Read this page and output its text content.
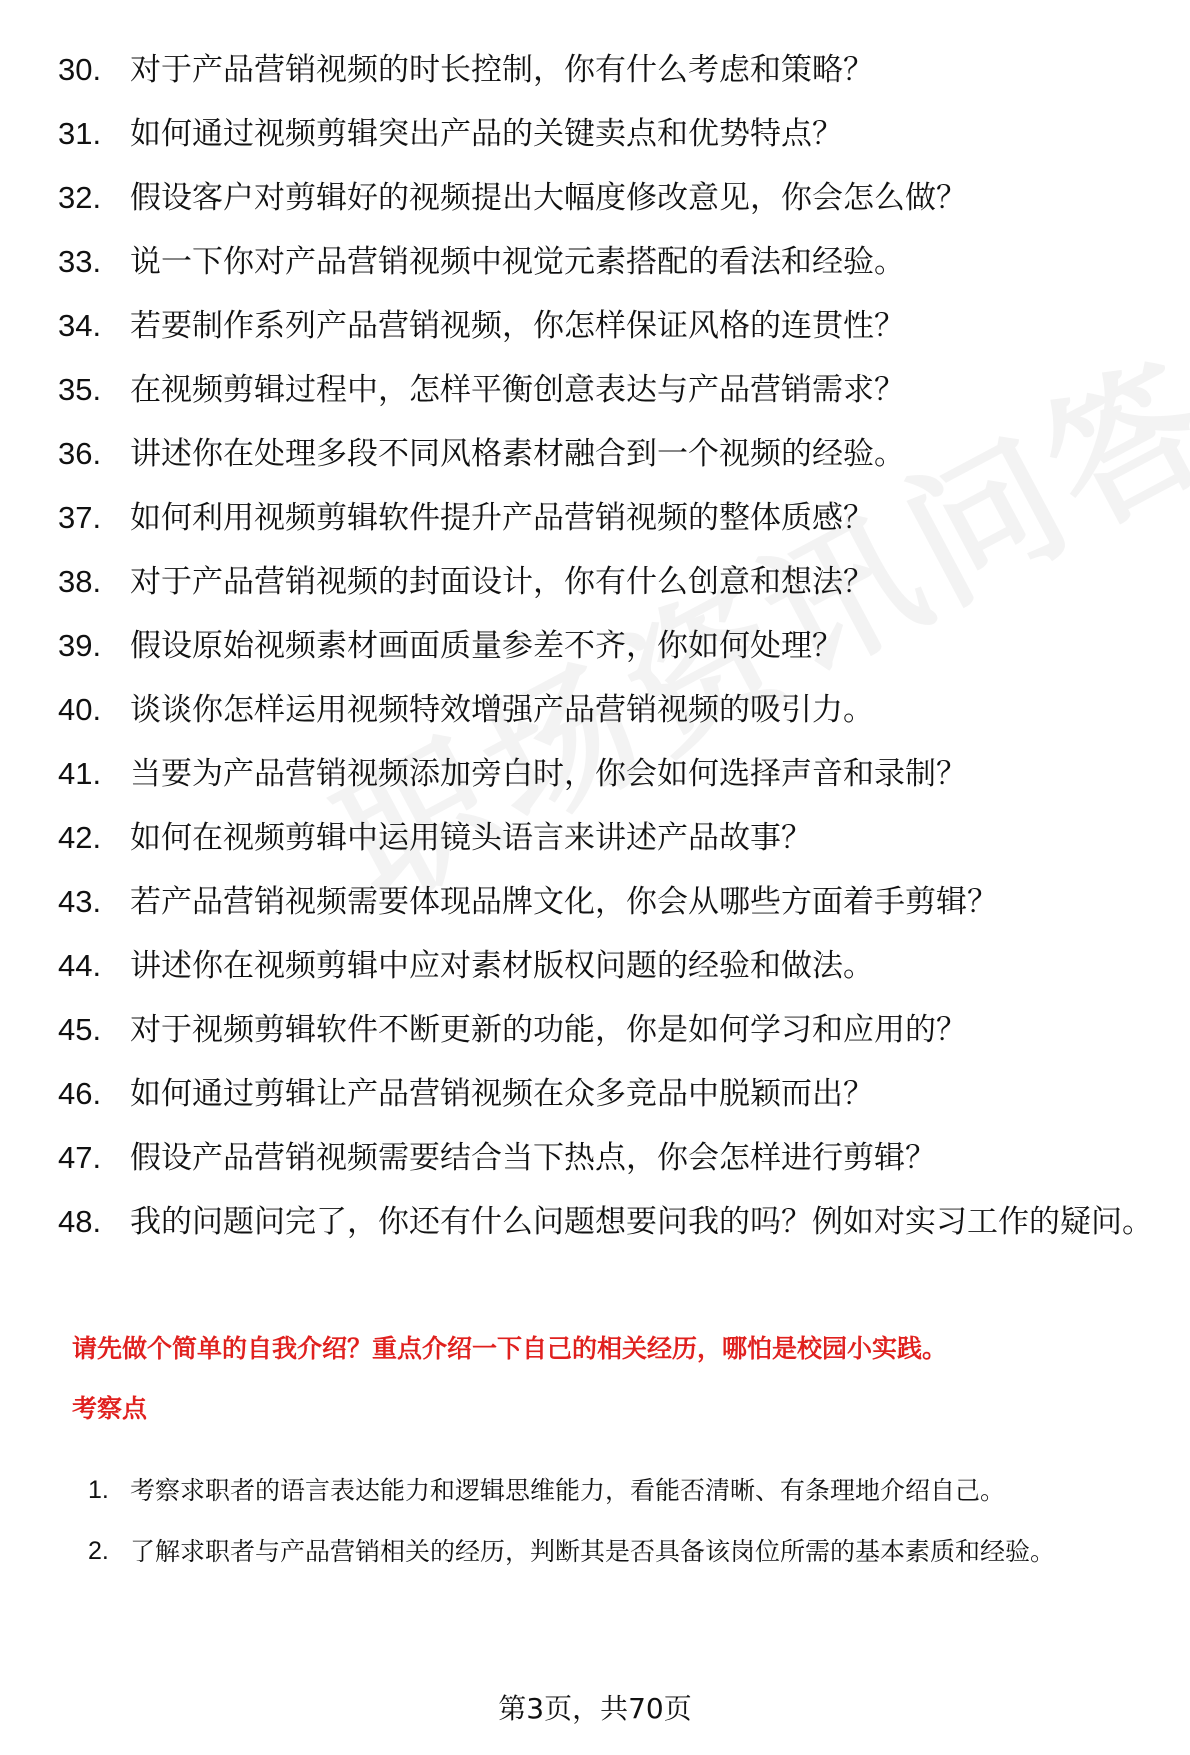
30. 对于产品营销视频的时长控制，你有什么考虑和策略？
31. 如何通过视频剪辑突出产品的关键卖点和优势特点？
32. 假设客户对剪辑好的视频提出大幅度修改意见，你会怎么做？
33. 说一下你对产品营销视频中视觉元素搭配的看法和经验。
34. 若要制作系列产品营销视频，你怎样保证风格的连贯性？
35. 在视频剪辑过程中，怎样平衡创意表达与产品营销需求？
36. 讲述你在处理多段不同风格素材融合到一个视频的经验。
37. 如何利用视频剪辑软件提升产品营销视频的整体质感？
38. 对于产品营销视频的封面设计，你有什么创意和想法？
39. 假设原始视频素材画面质量参差不齐，你如何处理？
40. 谈谈你怎样运用视频特效增强产品营销视频的吸引力。
41. 当要为产品营销视频添加旁白时，你会如何选择声音和录制？
42. 如何在视频剪辑中运用镜头语言来讲述产品故事？
43. 若产品营销视频需要体现品牌文化，你会从哪些方面着手剪辑？
44. 讲述你在视频剪辑中应对素材版权问题的经验和做法。
45. 对于视频剪辑软件不断更新的功能，你是如何学习和应用的？
46. 如何通过剪辑让产品营销视频在众多竞品中脱颖而出？
47. 假设产品营销视频需要结合当下热点，你会怎样进行剪辑？
48. 我的问题问完了，你还有什么问题想要问我的吗？例如对实习工作的疑问。
请先做个简单的自我介绍？重点介绍一下自己的相关经历，哪怕是校园小实践。
考察点
1. 考察求职者的语言表达能力和逻辑思维能力，看能否清晰、有条理地介绍自己。
2. 了解求职者与产品营销相关的经历，判断其是否具备该岗位所需的基本素质和经验。
第3页，共70页
